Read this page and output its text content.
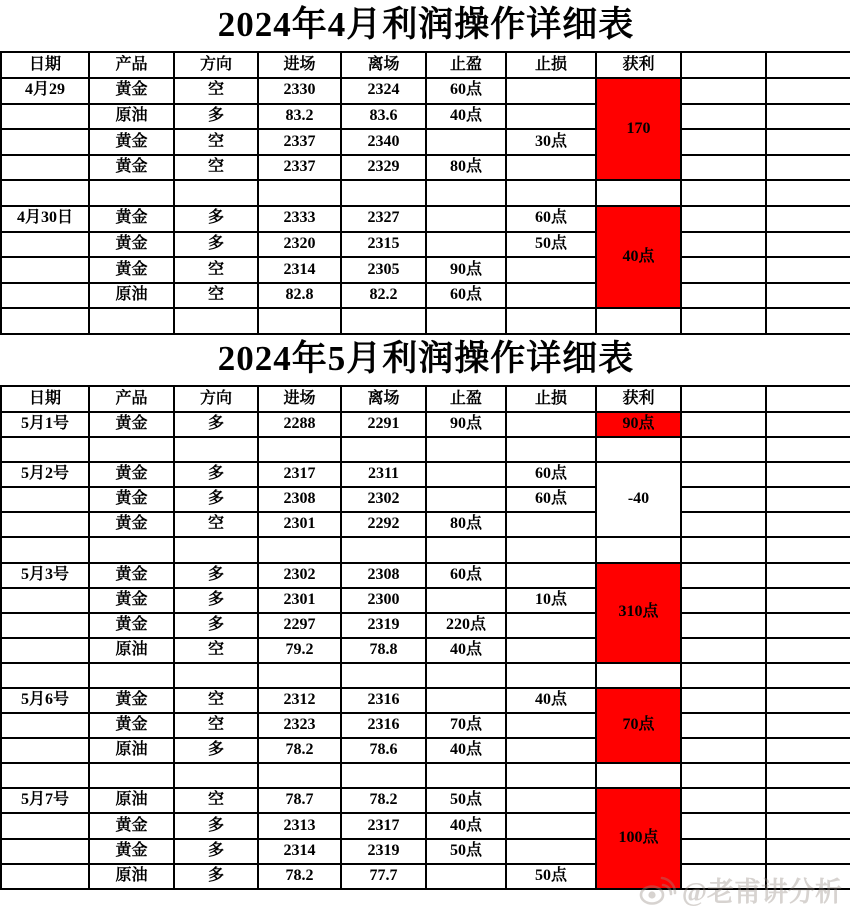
2024年4月利润操作详细表									
日期	产品	方向	进场	离场	止盈	止损	获利		
4月29	黄金	空	2330	2324	60点		170		
	原油	多	83.2	83.6	40点				
	黄金	空	2337	2340		30点			
	黄金	空	2337	2329	80点				

4月30日	黄金	多	2333	2327		60点	40点		
	黄金	多	2320	2315		50点			
	黄金	空	2314	2305	90点				
	原油	空	82.8	82.2	60点				

2024年5月利润操作详细表									
日期	产品	方向	进场	离场	止盈	止损	获利		
5月1号	黄金	多	2288	2291	90点		90点		

5月2号	黄金	多	2317	2311		60点	-40		
	黄金	多	2308	2302		60点			
	黄金	空	2301	2292	80点				

5月3号	黄金	多	2302	2308	60点		310点		
	黄金	多	2301	2300		10点			
	黄金	多	2297	2319	220点				
	原油	空	79.2	78.8	40点				

5月6号	黄金	空	2312	2316		40点	70点		
	黄金	空	2323	2316	70点				
	原油	多	78.2	78.6	40点				

5月7号	原油	空	78.7	78.2	50点		100点		
	黄金	多	2313	2317	40点				
	黄金	多	2314	2319	50点				
	原油	多	78.2	77.7		50点			
@老甫讲分析
